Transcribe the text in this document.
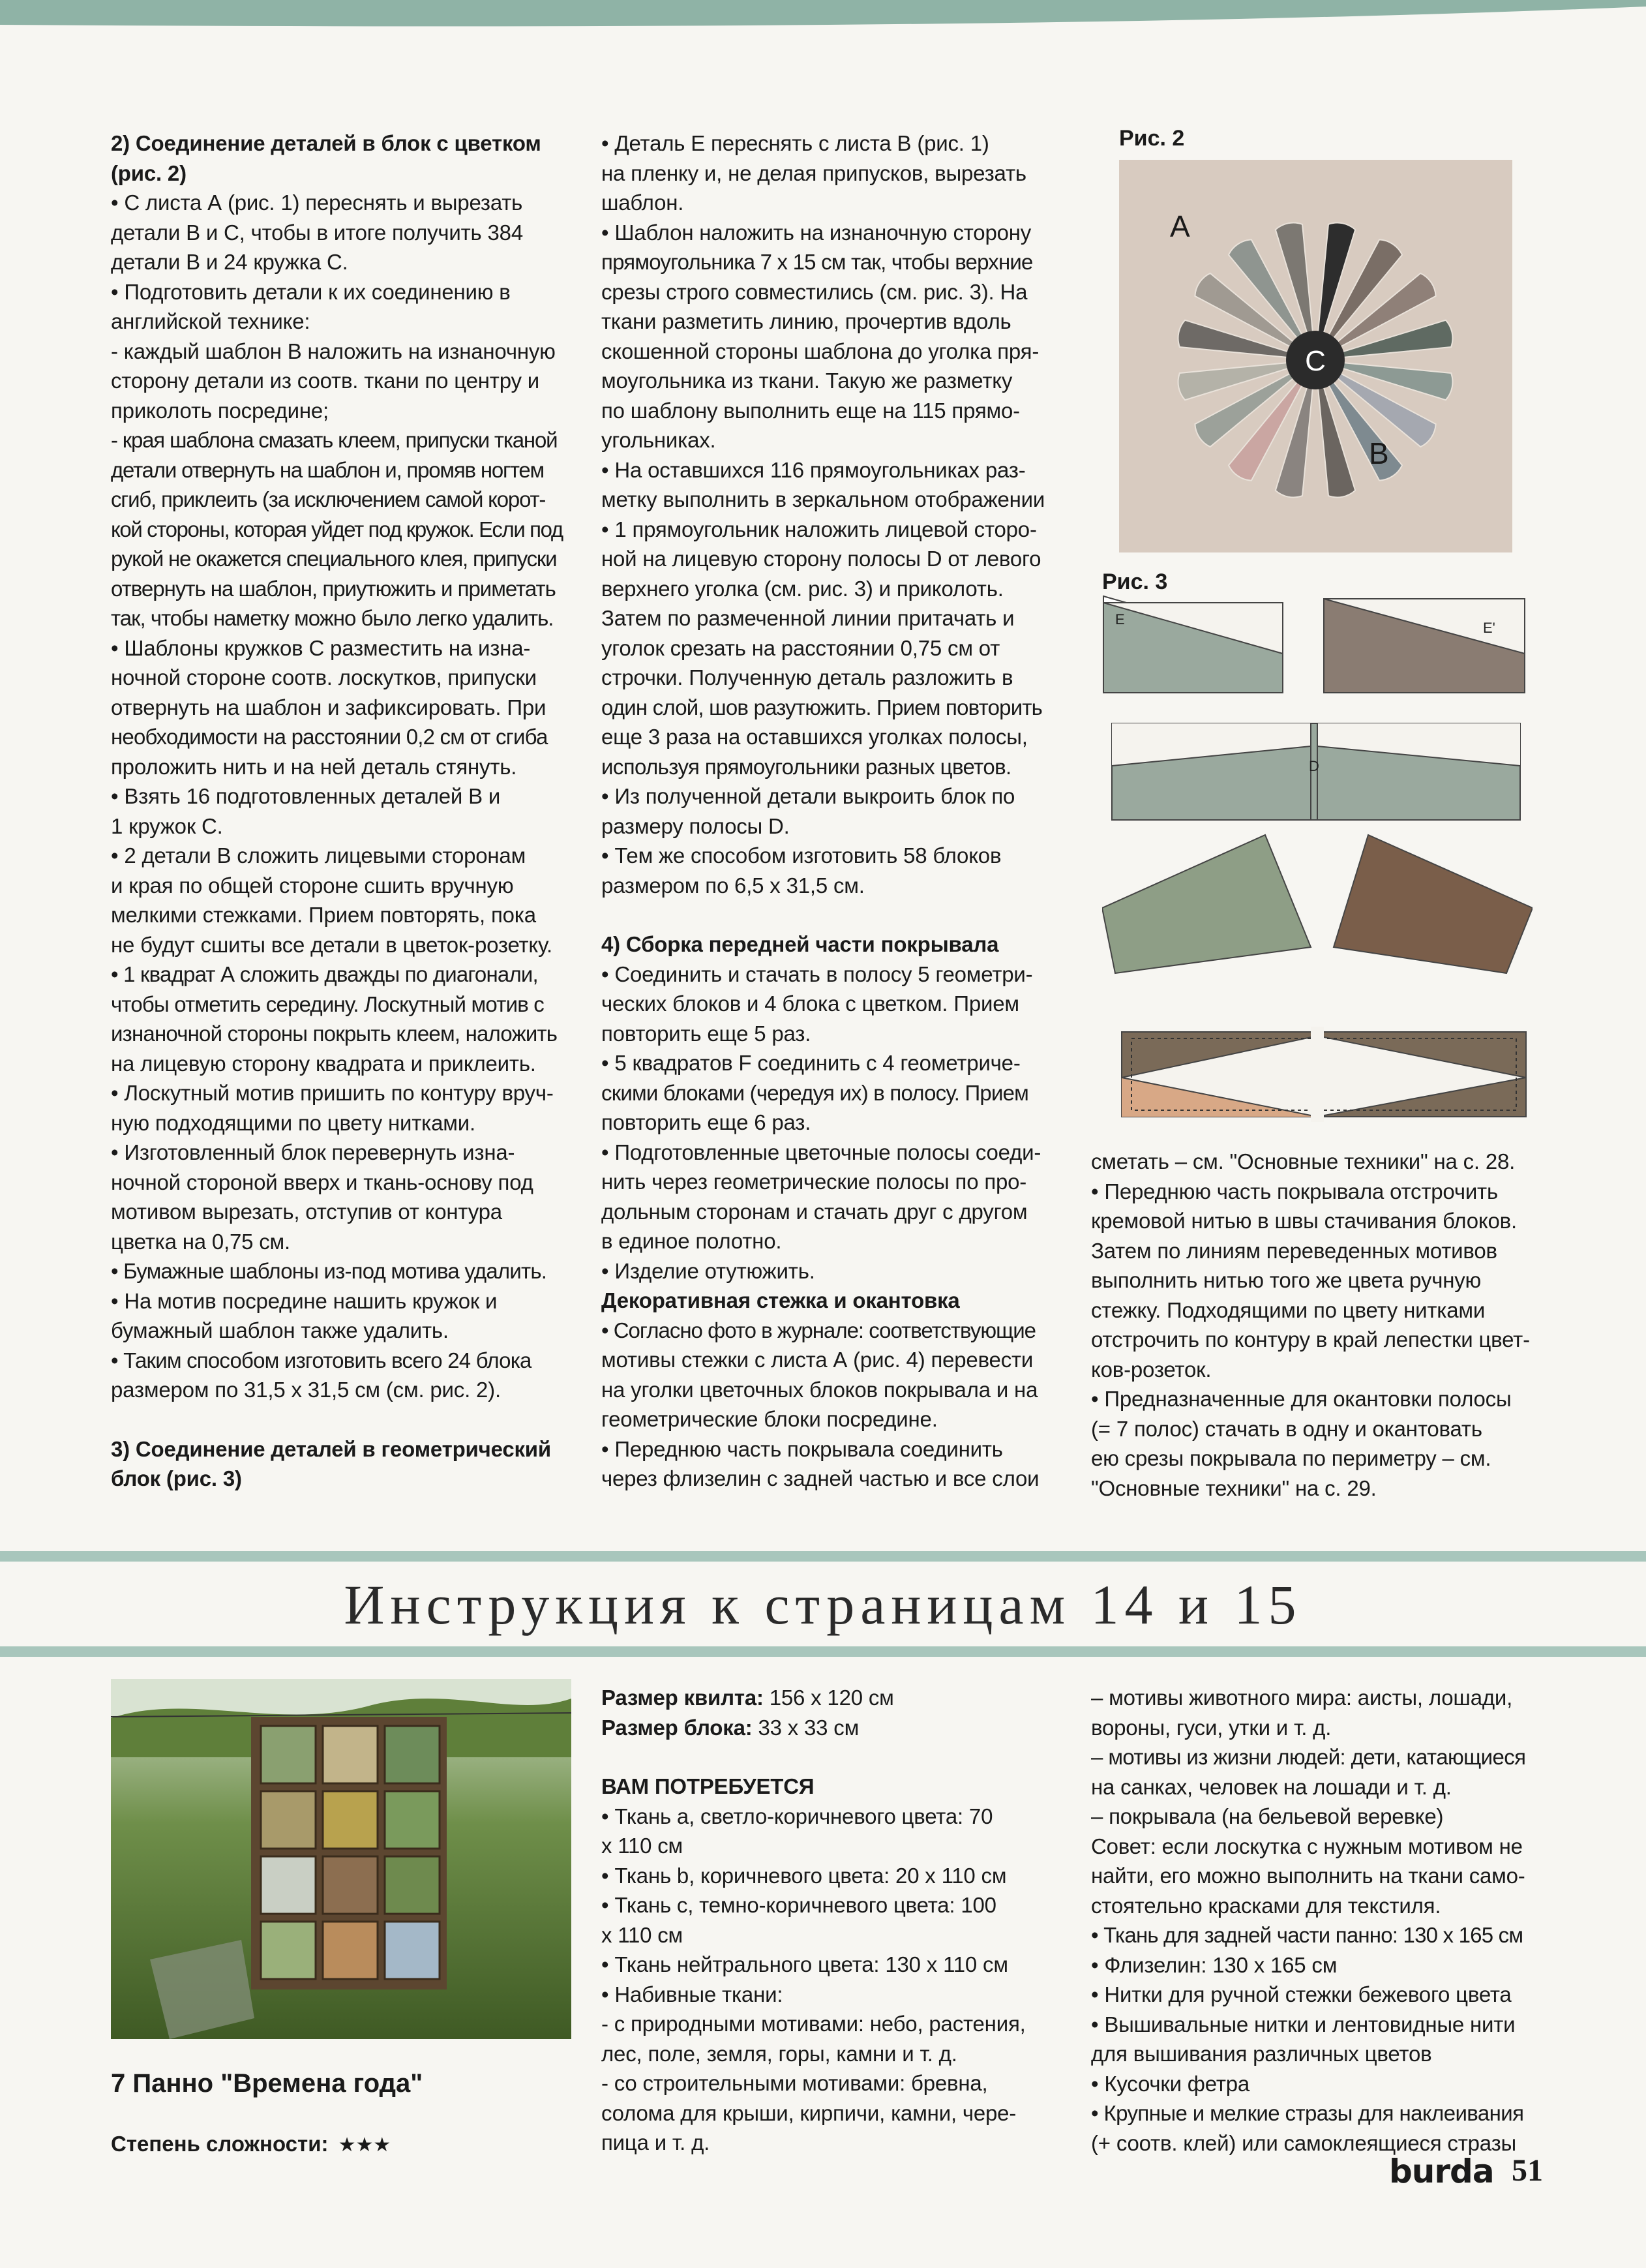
2) Соединение деталей в блок с цветком

(рис. 2)

• С листа А (рис. 1) переснять и вырезать

детали В и С, чтобы в итоге получить 384

детали В и 24 кружка С.

• Подготовить детали к их соединению в

английской технике:

- каждый шаблон В наложить на изнаночную

сторону детали из соотв. ткани по центру и

приколоть посредине;

- края шаблона смазать клеем, припуски тканой

детали отвернуть на шаблон и, промяв ногтем

сгиб, приклеить (за исключением самой корот-

кой стороны, которая уйдет под кружок. Если под

рукой не окажется специального клея, припуски

отвернуть на шаблон, приутюжить и приметать

так, чтобы наметку можно было легко удалить.

• Шаблоны кружков С разместить на изна-

ночной стороне соотв. лоскутков, припуски

отвернуть на шаблон и зафиксировать. При

необходимости на расстоянии 0,2 см от сгиба

проложить нить и на ней деталь стянуть.

• Взять 16 подготовленных деталей В и

1 кружок С.

• 2 детали В сложить лицевыми сторонам

и края по общей стороне сшить вручную

мелкими стежками. Прием повторять, пока

не будут сшиты все детали в цветок-розетку.

• 1 квадрат А сложить дважды по диагонали,

чтобы отметить середину. Лоскутный мотив с

изнаночной стороны покрыть клеем, наложить

на лицевую сторону квадрата и приклеить.

• Лоскутный мотив пришить по контуру вруч-

ную подходящими по цвету нитками.

• Изготовленный блок перевернуть изна-

ночной стороной вверх и ткань-основу под

мотивом вырезать, отступив от контура

цветка на 0,75 см.

• Бумажные шаблоны из-под мотива удалить.

• На мотив посредине нашить кружок и

бумажный шаблон также удалить.

• Таким способом изготовить всего 24 блока

размером по 31,5 х 31,5 см (см. рис. 2).

3) Соединение деталей в геометрический

блок (рис. 3)

• Деталь Е переснять с листа В (рис. 1)

на пленку и, не делая припусков, вырезать

шаблон.

• Шаблон наложить на изнаночную сторону

прямоугольника 7 х 15 см так, чтобы верхние

срезы строго совместились (см. рис. 3). На

ткани разметить линию, прочертив вдоль

скошенной стороны шаблона до уголка пря-

моугольника из ткани. Такую же разметку

по шаблону выполнить еще на 115 прямо-

угольниках.

• На оставшихся 116 прямоугольниках раз-

метку выполнить в зеркальном отображении

• 1 прямоугольник наложить лицевой сторо-

ной на лицевую сторону полосы D от левого

верхнего уголка (см. рис. 3) и приколоть.

Затем по размеченной линии притачать и

уголок срезать на расстоянии 0,75 см от

строчки. Полученную деталь разложить в

один слой, шов разутюжить. Прием повторить

еще 3 раза на оставшихся уголках полосы,

используя прямоугольники разных цветов.

• Из полученной детали выкроить блок по

размеру полосы D.

• Тем же способом изготовить 58 блоков

размером по 6,5 х 31,5 см.

4) Сборка передней части покрывала

• Соединить и стачать в полосу 5 геометри-

ческих блоков и 4 блока с цветком. Прием

повторить еще 5 раз.

• 5 квадратов F соединить с 4 геометриче-

скими блоками (чередуя их) в полосу. Прием

повторить еще 6 раз.

• Подготовленные цветочные полосы соеди-

нить через геометрические полосы по про-

дольным сторонам и стачать друг с другом

в единое полотно.

• Изделие отутюжить.

Декоративная стежка и окантовка

• Согласно фото в журнале: соответствующие

мотивы стежки с листа А (рис. 4) перевести

на уголки цветочных блоков покрывала и на

геометрические блоки посредине.

• Переднюю часть покрывала соединить

через флизелин с задней частью и все слои

Рис. 2
C
A
B
Рис. 3
E
E'
D

сметать – см. "Основные техники" на с. 28.

• Переднюю часть покрывала отстрочить

кремовой нитью в швы стачивания блоков.

Затем по линиям переведенных мотивов

выполнить нитью того же цвета ручную

стежку. Подходящими по цвету нитками

отстрочить по контуру в край лепестки цвет-

ков-розеток.

• Предназначенные для окантовки полосы

(= 7 полос) стачать в одну и окантовать

ею срезы покрывала по периметру – см.

"Основные техники" на с. 29.

Инструкция к страницам 14 и 15
7 Панно "Времена года"
Степень сложности: ★★★

Размер квилта: 156 х 120 см

Размер блока: 33 х 33 см

ВАМ ПОТРЕБУЕТСЯ

• Ткань a, светло-коричневого цвета: 70

х 110 см

• Ткань b, коричневого цвета: 20 х 110 см

• Ткань с, темно-коричневого цвета: 100

х 110 см

• Ткань нейтрального цвета: 130 х 110 см

• Набивные ткани:

- с природными мотивами: небо, растения,

лес, поле, земля, горы, камни и т. д.

- со строительными мотивами: бревна,

солома для крыши, кирпичи, камни, чере-

пица и т. д.

– мотивы животного мира: аисты, лошади,

вороны, гуси, утки и т. д.

– мотивы из жизни людей: дети, катающиеся

на санках, человек на лошади и т. д.

– покрывала (на бельевой веревке)

Совет: если лоскутка с нужным мотивом не

найти, его можно выполнить на ткани само-

стоятельно красками для текстиля.

• Ткань для задней части панно: 130 х 165 см

• Флизелин: 130 х 165 см

• Нитки для ручной стежки бежевого цвета

• Вышивальные нитки и лентовидные нити

для вышивания различных цветов

• Кусочки фетра

• Крупные и мелкие стразы для наклеивания

(+ соотв. клей) или самоклеящиеся стразы

burda 51
